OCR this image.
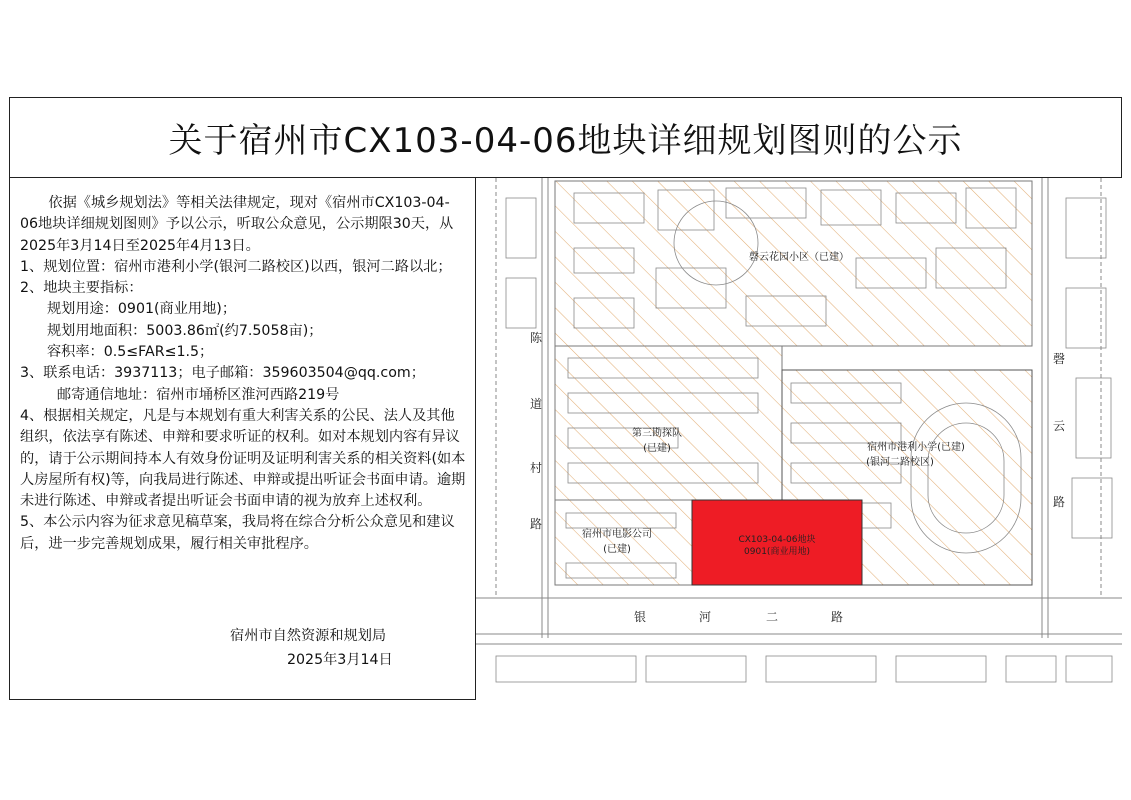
关于宿州市CX103-04-06地块详细规划图则的公示

依据《城乡规划法》等相关法律规定，现对《宿州市CX103-04-06地块详细规划图则》予以公示，听取公众意见，公示期限30天，从2025年3月14日至2025年4月13日。

1、规划位置：宿州市港利小学(银河二路校区)以西，银河二路以北；

2、地块主要指标：

规划用途：0901(商业用地)；

规划用地面积：5003.86㎡(约7.5058亩)；

容积率：0.5≤FAR≤1.5；

3、联系电话：3937113；电子邮箱：359603504@qq.com；

邮寄通信地址：宿州市埇桥区淮河西路219号

4、根据相关规定，凡是与本规划有重大利害关系的公民、法人及其他组织，依法享有陈述、申辩和要求听证的权利。如对本规划内容有异议的，请于公示期间持本人有效身份证明及证明利害关系的相关资料(如本人房屋所有权)等，向我局进行陈述、申辩或提出听证会书面申请。逾期未进行陈述、申辩或者提出听证会书面申请的视为放弃上述权利。

5、本公示内容为征求意见稿草案，我局将在综合分析公众意见和建议后，进一步完善规划成果，履行相关审批程序。

宿州市自然资源和规划局
2025年3月14日
磬云花园小区（已建）
第三勘探队
(已建)	宿州市港利小学(已建)
(银河二路校区)
宿州市电影公司
(已建)
CX103-04-06地块
0901(商业用地)
陈
道
村
路
磬
云
路
银	河	二	路
